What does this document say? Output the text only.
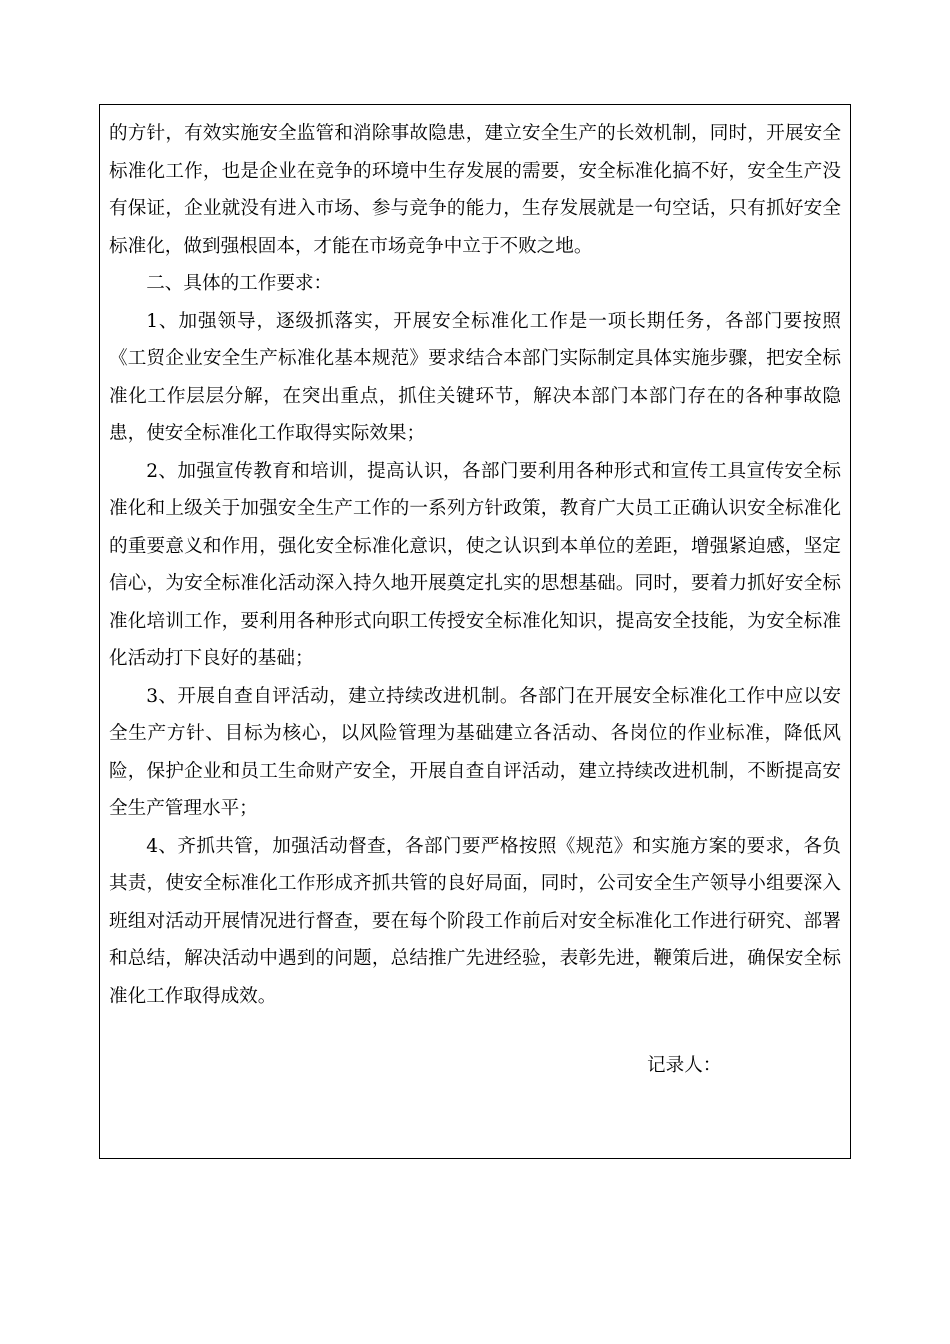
的方针，有效实施安全监管和消除事故隐患，建立安全生产的长效机制，同时，开展安全标准化工作，也是企业在竞争的环境中生存发展的需要，安全标准化搞不好，安全生产没有保证，企业就没有进入市场、参与竞争的能力，生存发展就是一句空话，只有抓好安全标准化，做到强根固本，才能在市场竞争中立于不败之地。

二、具体的工作要求：

1、加强领导，逐级抓落实，开展安全标准化工作是一项长期任务，各部门要按照《工贸企业安全生产标准化基本规范》要求结合本部门实际制定具体实施步骤，把安全标准化工作层层分解，在突出重点，抓住关键环节，解决本部门本部门存在的各种事故隐患，使安全标准化工作取得实际效果；

2、加强宣传教育和培训，提高认识，各部门要利用各种形式和宣传工具宣传安全标准化和上级关于加强安全生产工作的一系列方针政策，教育广大员工正确认识安全标准化的重要意义和作用，强化安全标准化意识，使之认识到本单位的差距，增强紧迫感，坚定信心，为安全标准化活动深入持久地开展奠定扎实的思想基础。同时，要着力抓好安全标准化培训工作，要利用各种形式向职工传授安全标准化知识，提高安全技能，为安全标准化活动打下良好的基础；

3、开展自查自评活动，建立持续改进机制。各部门在开展安全标准化工作中应以安全生产方针、目标为核心，以风险管理为基础建立各活动、各岗位的作业标准，降低风险，保护企业和员工生命财产安全，开展自查自评活动，建立持续改进机制，不断提高安全生产管理水平；

4、齐抓共管，加强活动督查，各部门要严格按照《规范》和实施方案的要求，各负其责，使安全标准化工作形成齐抓共管的良好局面，同时，公司安全生产领导小组要深入班组对活动开展情况进行督查，要在每个阶段工作前后对安全标准化工作进行研究、部署和总结，解决活动中遇到的问题，总结推广先进经验，表彰先进，鞭策后进，确保安全标准化工作取得成效。

记录人：
